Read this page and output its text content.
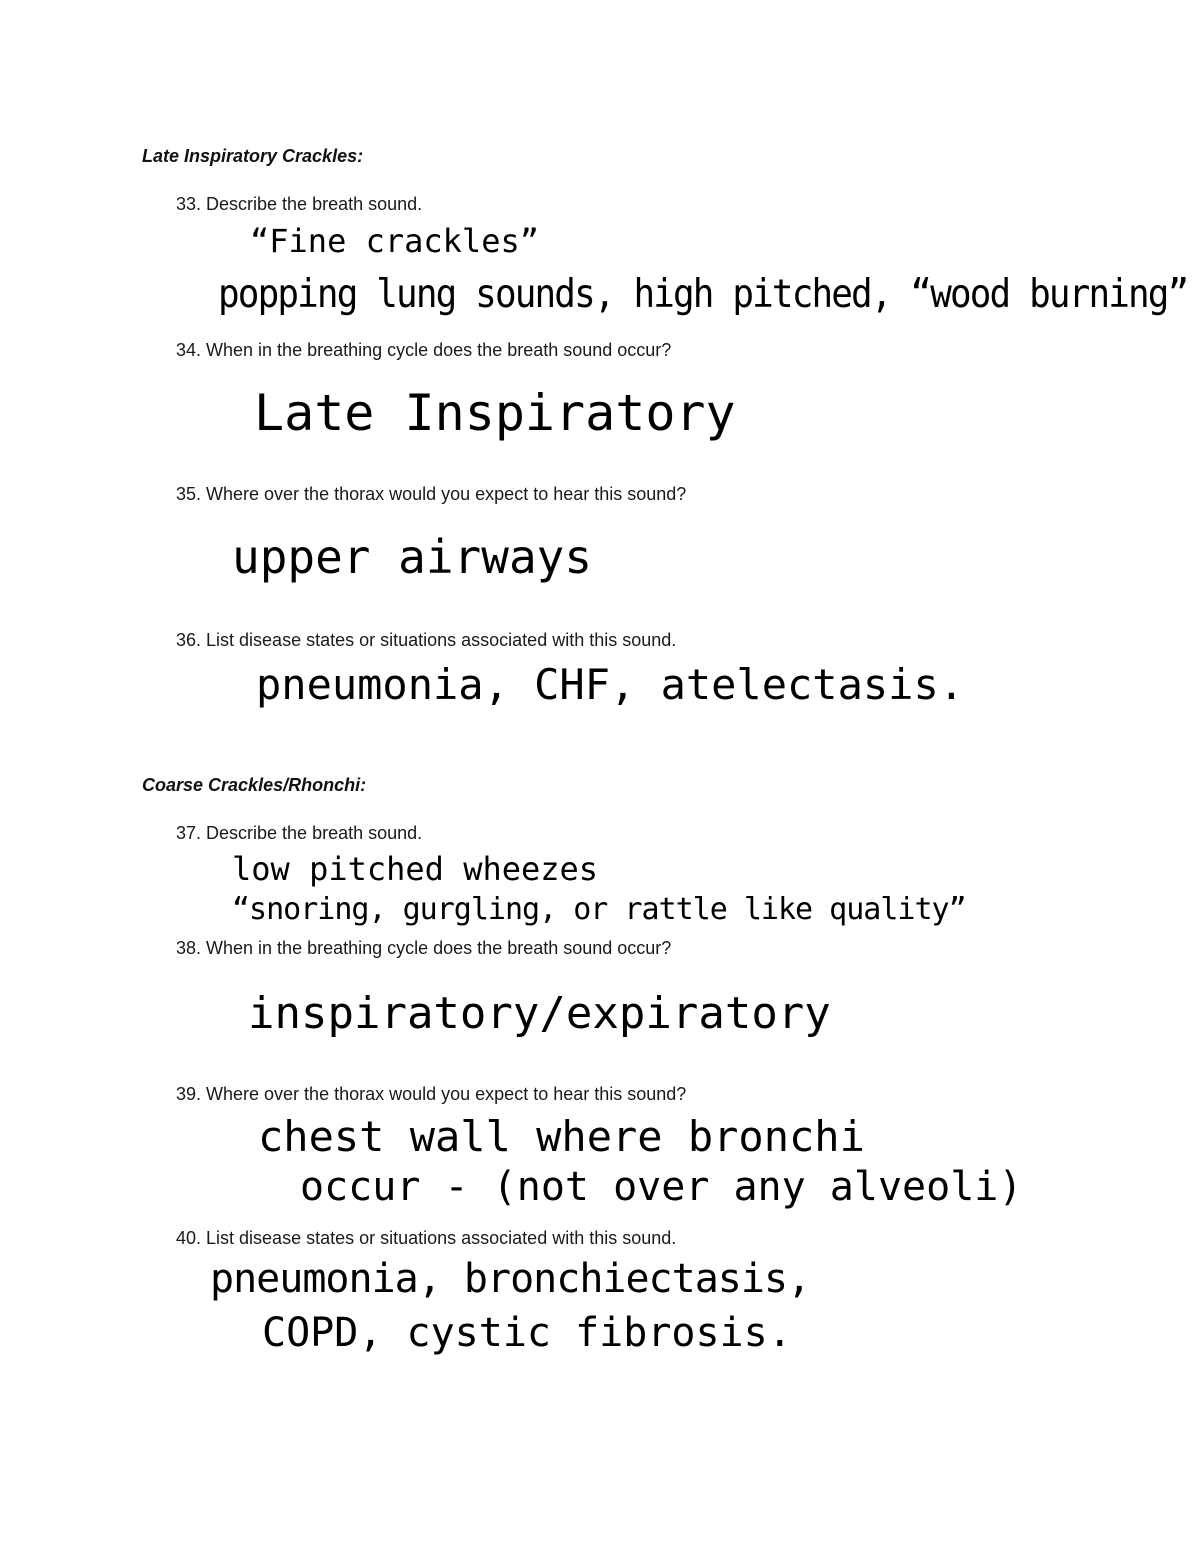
Late Inspiratory Crackles:
33. Describe the breath sound.
“Fine crackles”
popping lung sounds, high pitched, “wood burning”
34. When in the breathing cycle does the breath sound occur?
Late Inspiratory
35. Where over the thorax would you expect to hear this sound?
upper airways
36. List disease states or situations associated with this sound.
pneumonia, CHF, atelectasis.
Coarse Crackles/Rhonchi:
37. Describe the breath sound.
low pitched wheezes
“snoring, gurgling, or rattle like quality”
38. When in the breathing cycle does the breath sound occur?
inspiratory/expiratory
39. Where over the thorax would you expect to hear this sound?
chest wall where bronchi
occur - (not over any alveoli)
40. List disease states or situations associated with this sound.
pneumonia, bronchiectasis,
COPD, cystic fibrosis.
